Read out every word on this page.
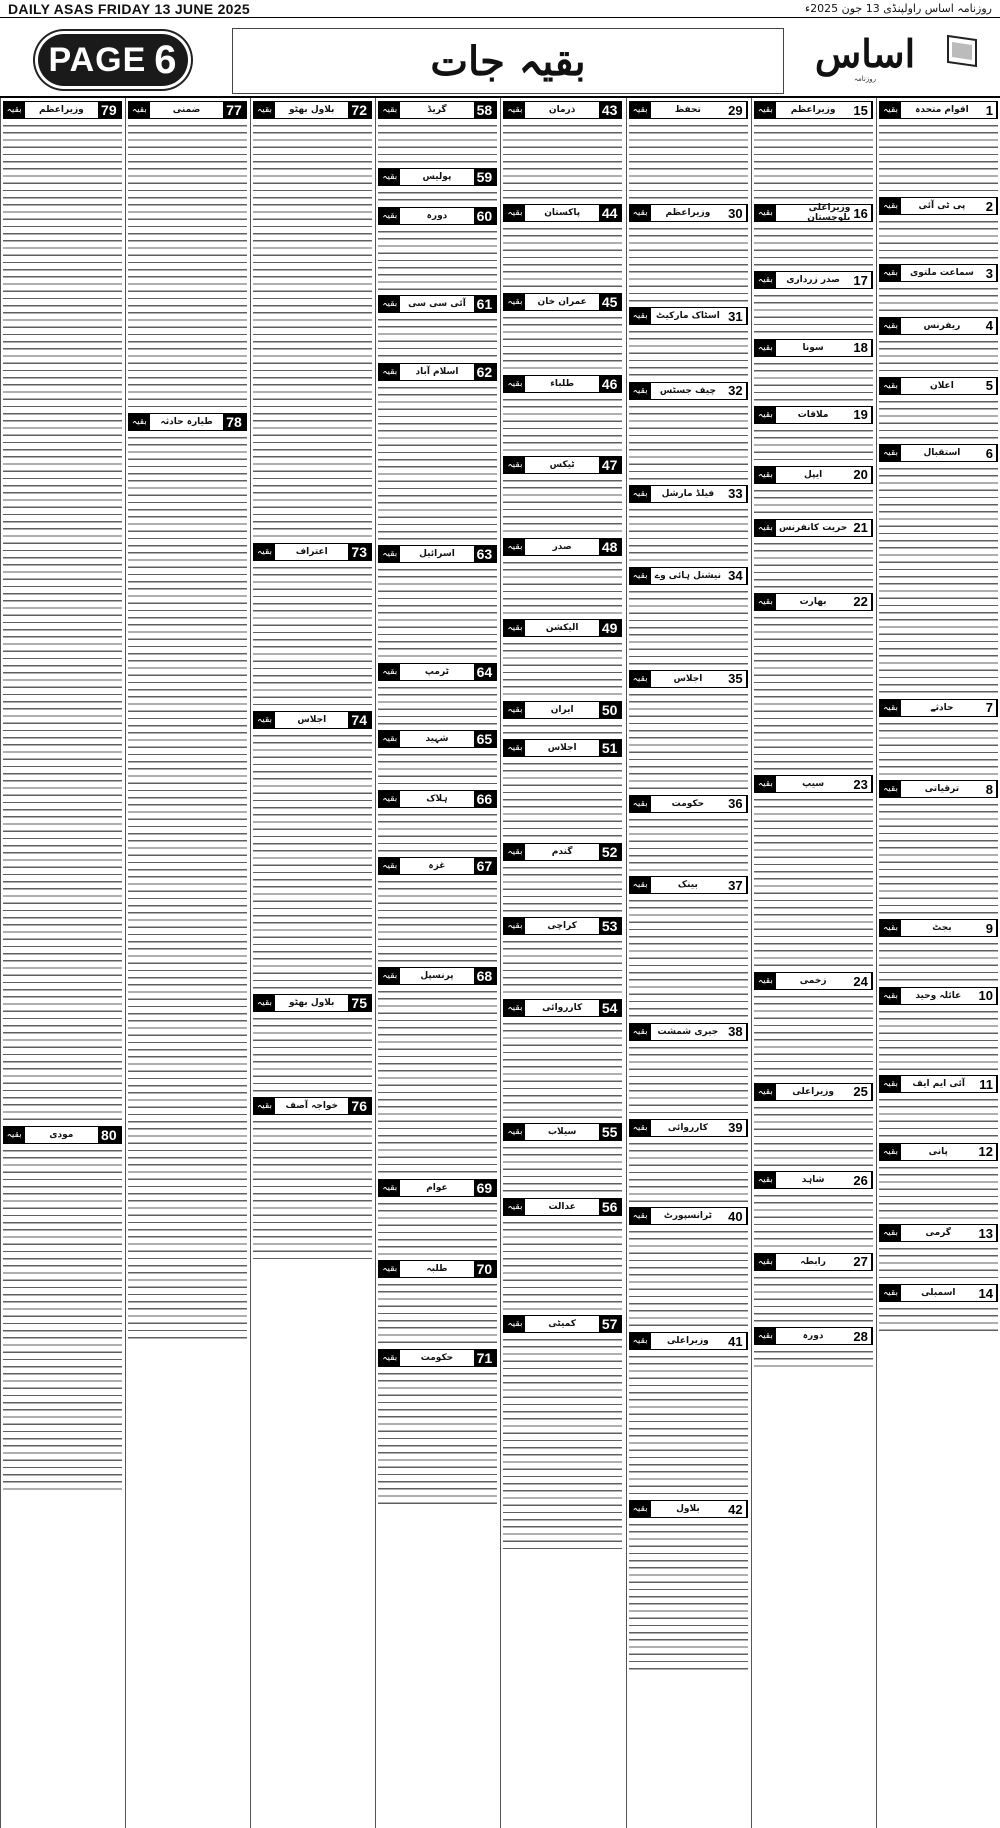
DAILY ASAS FRIDAY 13 JUNE 2025	روزنامہ اساس راولپنڈی 13 جون 2025ء
PAGE 6	بقیہ جات	اساس
روزنامہ
1
اقوام متحدہ
بقیہ
2
پی ٹی آئی
بقیہ
3
سماعت ملتوی
بقیہ
4
ریفرنس
بقیہ
5
اعلان
بقیہ
6
استقبال
بقیہ
7
حادثے
بقیہ
8
ترقیاتی
بقیہ
9
بجٹ
بقیہ
10
عائلہ وحید
بقیہ
11
آئی ایم ایف
بقیہ
12
پانی
بقیہ
13
گرمی
بقیہ
14
اسمبلی
بقیہ
15
وزیراعظم
بقیہ
16
وزیراعلی بلوچستان
بقیہ
17
صدر زرداری
بقیہ
18
سونا
بقیہ
19
ملاقات
بقیہ
20
ایپل
بقیہ
21
حریت کانفرنس
بقیہ
22
بھارت
بقیہ
23
سیپ
بقیہ
24
زخمی
بقیہ
25
وزیراعلی
بقیہ
26
شاہد
بقیہ
27
رابطہ
بقیہ
28
دورہ
بقیہ
29
تحفظ
بقیہ
30
وزیراعظم
بقیہ
31
اسٹاک مارکیٹ
بقیہ
32
چیف جسٹس
بقیہ
33
فیلڈ مارشل
بقیہ
34
نیشنل ہائی وے
بقیہ
35
اجلاس
بقیہ
36
حکومت
بقیہ
37
بینک
بقیہ
38
جیری شمشت
بقیہ
39
کارروائی
بقیہ
40
ٹرانسپورٹ
بقیہ
41
وزیراعلی
بقیہ
42
بلاول
بقیہ
43
ذرمان
بقیہ
44
پاکستان
بقیہ
45
عمران خان
بقیہ
46
طلباء
بقیہ
47
ٹیکس
بقیہ
48
صدر
بقیہ
49
الیکشن
بقیہ
50
ایران
بقیہ
51
اجلاس
بقیہ
52
گندم
بقیہ
53
کراچی
بقیہ
54
کارروائی
بقیہ
55
سیلاب
بقیہ
56
عدالت
بقیہ
57
کمیٹی
بقیہ
58
گریڈ
بقیہ
59
پولیس
بقیہ
60
دورہ
بقیہ
61
آئی سی سی
بقیہ
62
اسلام آباد
بقیہ
63
اسرائیل
بقیہ
64
ٹرمپ
بقیہ
65
شہید
بقیہ
66
ہلاک
بقیہ
67
غزہ
بقیہ
68
پرنسپل
بقیہ
69
عوام
بقیہ
70
طلبہ
بقیہ
71
حکومت
بقیہ
72
بلاول بھٹو
بقیہ
73
اعتراف
بقیہ
74
اجلاس
بقیہ
75
بلاول بھٹو
بقیہ
76
خواجہ آصف
بقیہ
77
ضمنی
بقیہ
78
طیارہ حادثہ
بقیہ
79
وزیراعظم
بقیہ
80
مودی
بقیہ
